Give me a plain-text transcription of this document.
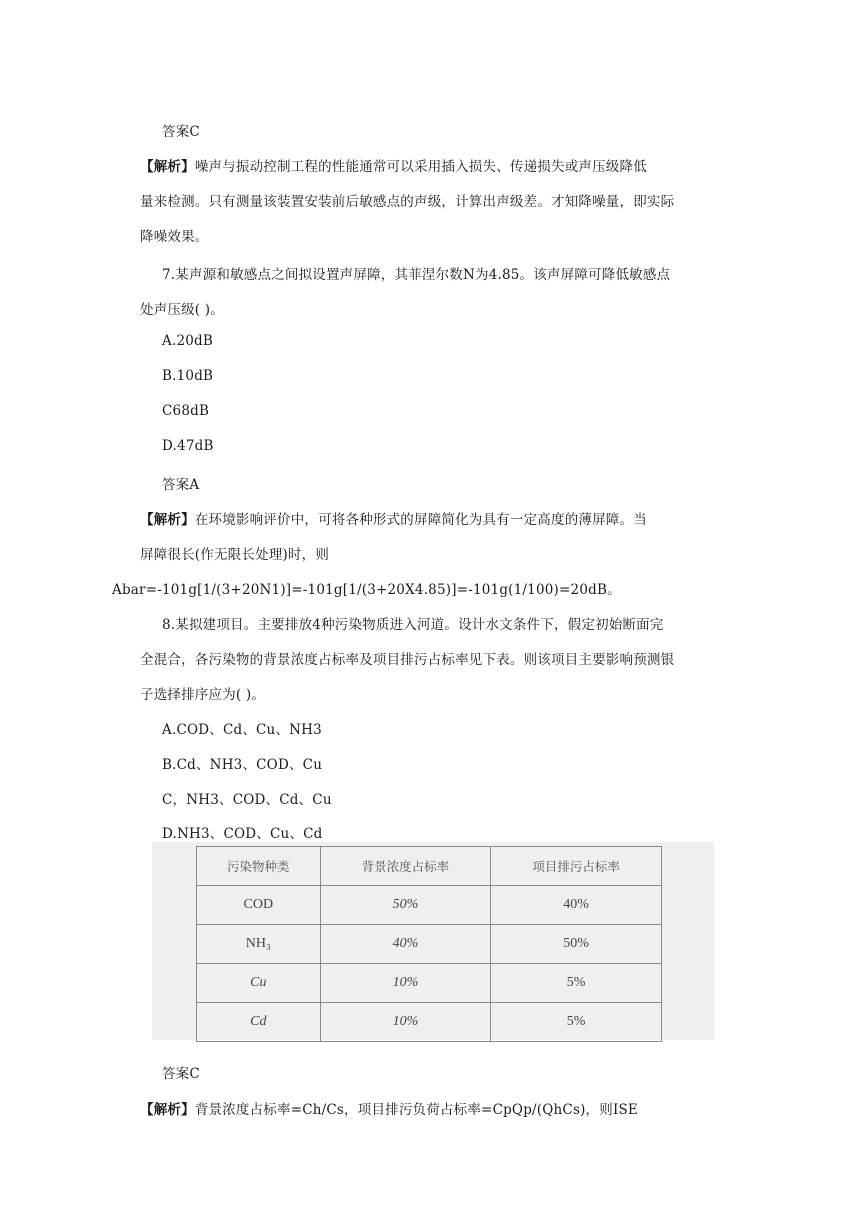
答案C
【解析】噪声与振动控制工程的性能通常可以采用插入损失、传递损失或声压级降低
量来检测。只有测量该装置安装前后敏感点的声级，计算出声级差。才知降噪量，即实际
降噪效果。
7.某声源和敏感点之间拟设置声屏障，其菲涅尔数N为4.85。该声屏障可降低敏感点
处声压级( )。
A.20dB
B.10dB
C68dB
D.47dB
答案A
【解析】在环境影响评价中，可将各种形式的屏障简化为具有一定高度的薄屏障。当
屏障很长(作无限长处理)时，则
Abar=-101g[1/(3+20N1)]=-101g[1/(3+20X4.85)]=-101g(1/100)=20dB。
8.某拟建项目。主要排放4种污染物质进入河道。设计水文条件下，假定初始断面完
全混合，各污染物的背景浓度占标率及项目排污占标率见下表。则该项目主要影响预测银
子选择排序应为( )。
A.COD、Cd、Cu、NH3
B.Cd、NH3、COD、Cu
C，NH3、COD、Cd、Cu
D.NH3、COD、Cu、Cd
污染物种类	背景浓度占标率	项目排污占标率
COD	50%	40%
NH₃	40%	50%
Cu	10%	5%
Cd	10%	5%
答案C
【解析】背景浓度占标率=Ch/Cs，项目排污负荷占标率=CpQp/(QhCs)，则ISE
